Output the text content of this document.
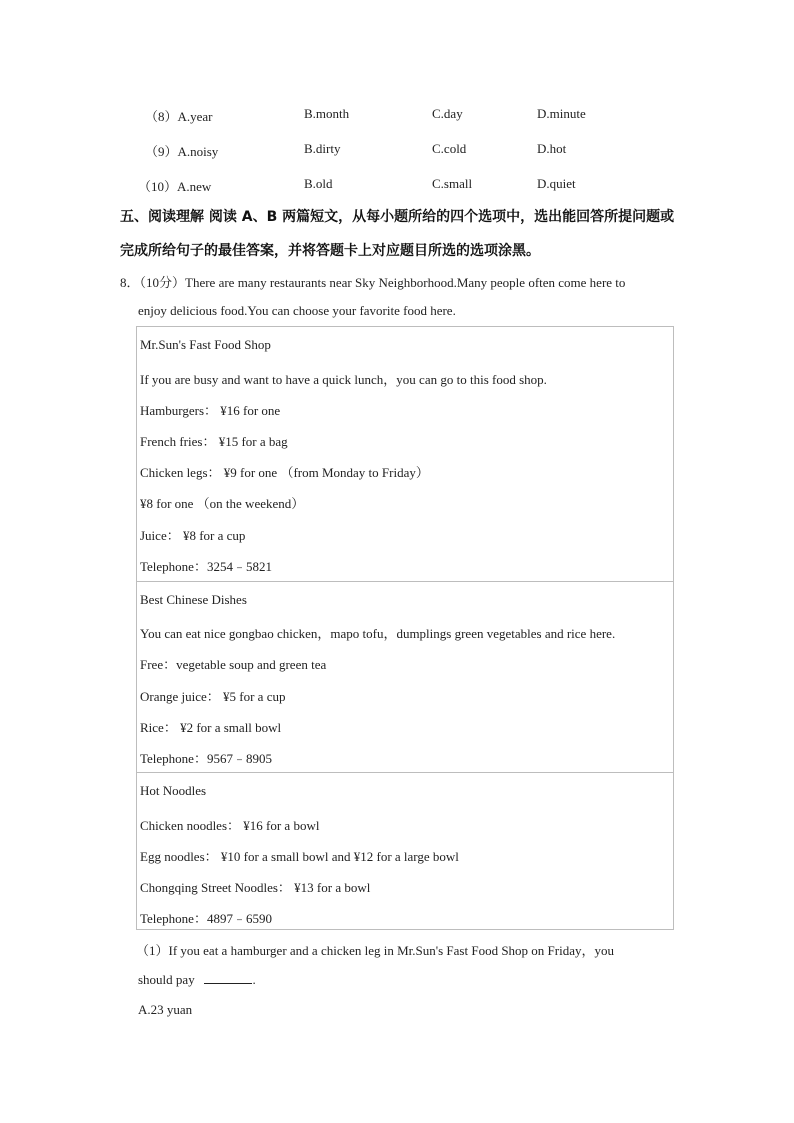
（8）A.year	B.month	C.day	D.minute
（9）A.noisy	B.dirty	C.cold	D.hot
（10）A.new	B.old	C.small	D.quiet
五、阅读理解 阅读 A、B 两篇短文，从每小题所给的四个选项中，选出能回答所提问题或
完成所给句子的最佳答案，并将答题卡上对应题目所选的选项涂黑。
8．（10分）There are many restaurants near Sky Neighborhood.Many people often come here to
enjoy delicious food.You can choose your favorite food here.
Mr.Sun's Fast Food Shop
If you are busy and want to have a quick lunch，you can go to this food shop.
Hamburgers： ¥16 for one
French fries： ¥15 for a bag
Chicken legs： ¥9 for one （from Monday to Friday）
¥8 for one （on the weekend）
Juice： ¥8 for a cup
Telephone：3254﹣5821
Best Chinese Dishes
You can eat nice gongbao chicken，mapo tofu，dumplings green vegetables and rice here.
Free：vegetable soup and green tea
Orange juice： ¥5 for a cup
Rice： ¥2 for a small bowl
Telephone：9567﹣8905
Hot Noodles
Chicken noodles： ¥16 for a bowl
Egg noodles： ¥10 for a small bowl and ¥12 for a large bowl
Chongqing Street Noodles： ¥13 for a bowl
Telephone：4897﹣6590
（1）If you eat a hamburger and a chicken leg in Mr.Sun's Fast Food Shop on Friday，you
should pay	.
A.23 yuan
